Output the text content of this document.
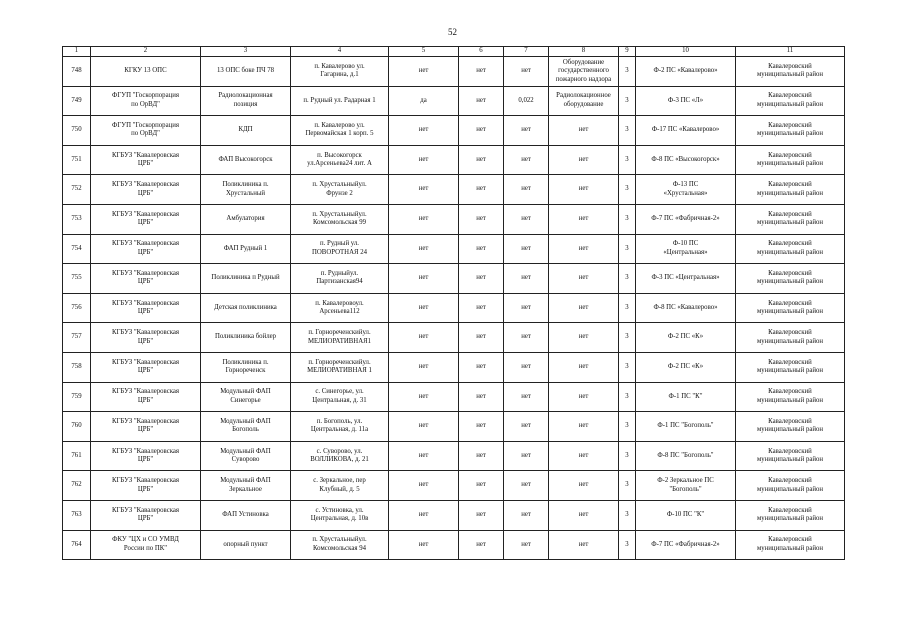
52
1	2	3	4	5	6	7	8	9	10	11
748	КГКУ 13 ОПС	13 ОПС боке ПЧ 78	п. Кавалерово ул.
Гагарина, д.1	нет	нет	нет	Оборудование
государственного
пожарного надзора	3	Ф-2 ПС «Кавалерово»	Кавалеровский
муниципальный район
749	ФГУП "Госкорпорация
по ОрВД"	Радиолокационная
позиция	п. Рудный ул. Радарная 1	да	нет	0,022	Радиолокационное
оборудование	3	Ф-3 ПС «Л»	Кавалеровский
муниципальный район
750	ФГУП "Госкорпорация
по ОрВД"	КДП	п. Кавалерово ул.
Первомайская 1 корп. 5	нет	нет	нет	нет	3	Ф-17 ПС «Кавалерово»	Кавалеровский
муниципальный район
751	КГБУЗ "Кавалеровская
ЦРБ"	ФАП Высокогорск	п. Высокогорск
ул.Арсеньева24 лит. А	нет	нет	нет	нет	3	Ф-8 ПС «Высокогорск»	Кавалеровский
муниципальный район
752	КГБУЗ "Кавалеровская
ЦРБ"	Поликлиника п.
Хрустальный	п. Хрустальныйул.
Фрунзе 2	нет	нет	нет	нет	3	Ф-13 ПС
«Хрустальная»	Кавалеровский
муниципальный район
753	КГБУЗ "Кавалеровская
ЦРБ"	Амбулатория	п. Хрустальныйул.
Комсомольская 99	нет	нет	нет	нет	3	Ф-7 ПС «Фабричная-2»	Кавалеровский
муниципальный район
754	КГБУЗ "Кавалеровская
ЦРБ"	ФАП Рудный 1	п. Рудный ул.
ПОВОРОТНАЯ 24	нет	нет	нет	нет	3	Ф-10 ПС
«Центральная»	Кавалеровский
муниципальный район
755	КГБУЗ "Кавалеровская
ЦРБ"	Поликлиника п Рудный	п. Рудныйул.
Партизанская94	нет	нет	нет	нет	3	Ф-3 ПС «Центральная»	Кавалеровский
муниципальный район
756	КГБУЗ "Кавалеровская
ЦРБ"	Детская поликлиника	п. Кавалеровоул.
Арсеньева112	нет	нет	нет	нет	3	Ф-8 ПС «Кавалерово»	Кавалеровский
муниципальный район
757	КГБУЗ "Кавалеровская
ЦРБ"	Поликлиника бойлер	п. Горнореченскийул.
МЕЛИОРАТИВНАЯ1	нет	нет	нет	нет	3	Ф-2 ПС «К»	Кавалеровский
муниципальный район
758	КГБУЗ "Кавалеровская
ЦРБ"	Поликлиника п.
Горнореченск	п. Горнореченскийул.
МЕЛИОРАТИВНАЯ 1	нет	нет	нет	нет	3	Ф-2 ПС «К»	Кавалеровский
муниципальный район
759	КГБУЗ "Кавалеровская
ЦРБ"	Модульный ФАП
Синегорье	с. Синегорье, ул.
Центральная, д. 31	нет	нет	нет	нет	3	Ф-1 ПС "К"	Кавалеровский
муниципальный район
760	КГБУЗ "Кавалеровская
ЦРБ"	Модульный ФАП
Богополь	п. Богополь, ул.
Центральная, д. 11а	нет	нет	нет	нет	3	Ф-1 ПС "Богополь"	Кавалеровский
муниципальный район
761	КГБУЗ "Кавалеровская
ЦРБ"	Модульный ФАП
Суворово	с. Суворово, ул.
ВОЛЛИКОВА, д. 21	нет	нет	нет	нет	3	Ф-8 ПС "Богополь"	Кавалеровский
муниципальный район
762	КГБУЗ "Кавалеровская
ЦРБ"	Модульный ФАП
Зеркальное	с. Зеркальное, пер
Клубный, д. 5	нет	нет	нет	нет	3	Ф-2 Зеркальное ПС
"Богополь"	Кавалеровский
муниципальный район
763	КГБУЗ "Кавалеровская
ЦРБ"	ФАП Устиновка	с. Устиновка, ул.
Центральная, д. 10в	нет	нет	нет	нет	3	Ф-10 ПС "К"	Кавалеровский
муниципальный район
764	ФКУ "ЦХ и СО УМВД
России по ПК"	опорный пункт	п. Хрустальныйул.
Комсомольская 94	нет	нет	нет	нет	3	Ф-7 ПС «Фабричная-2»	Кавалеровский
муниципальный район
